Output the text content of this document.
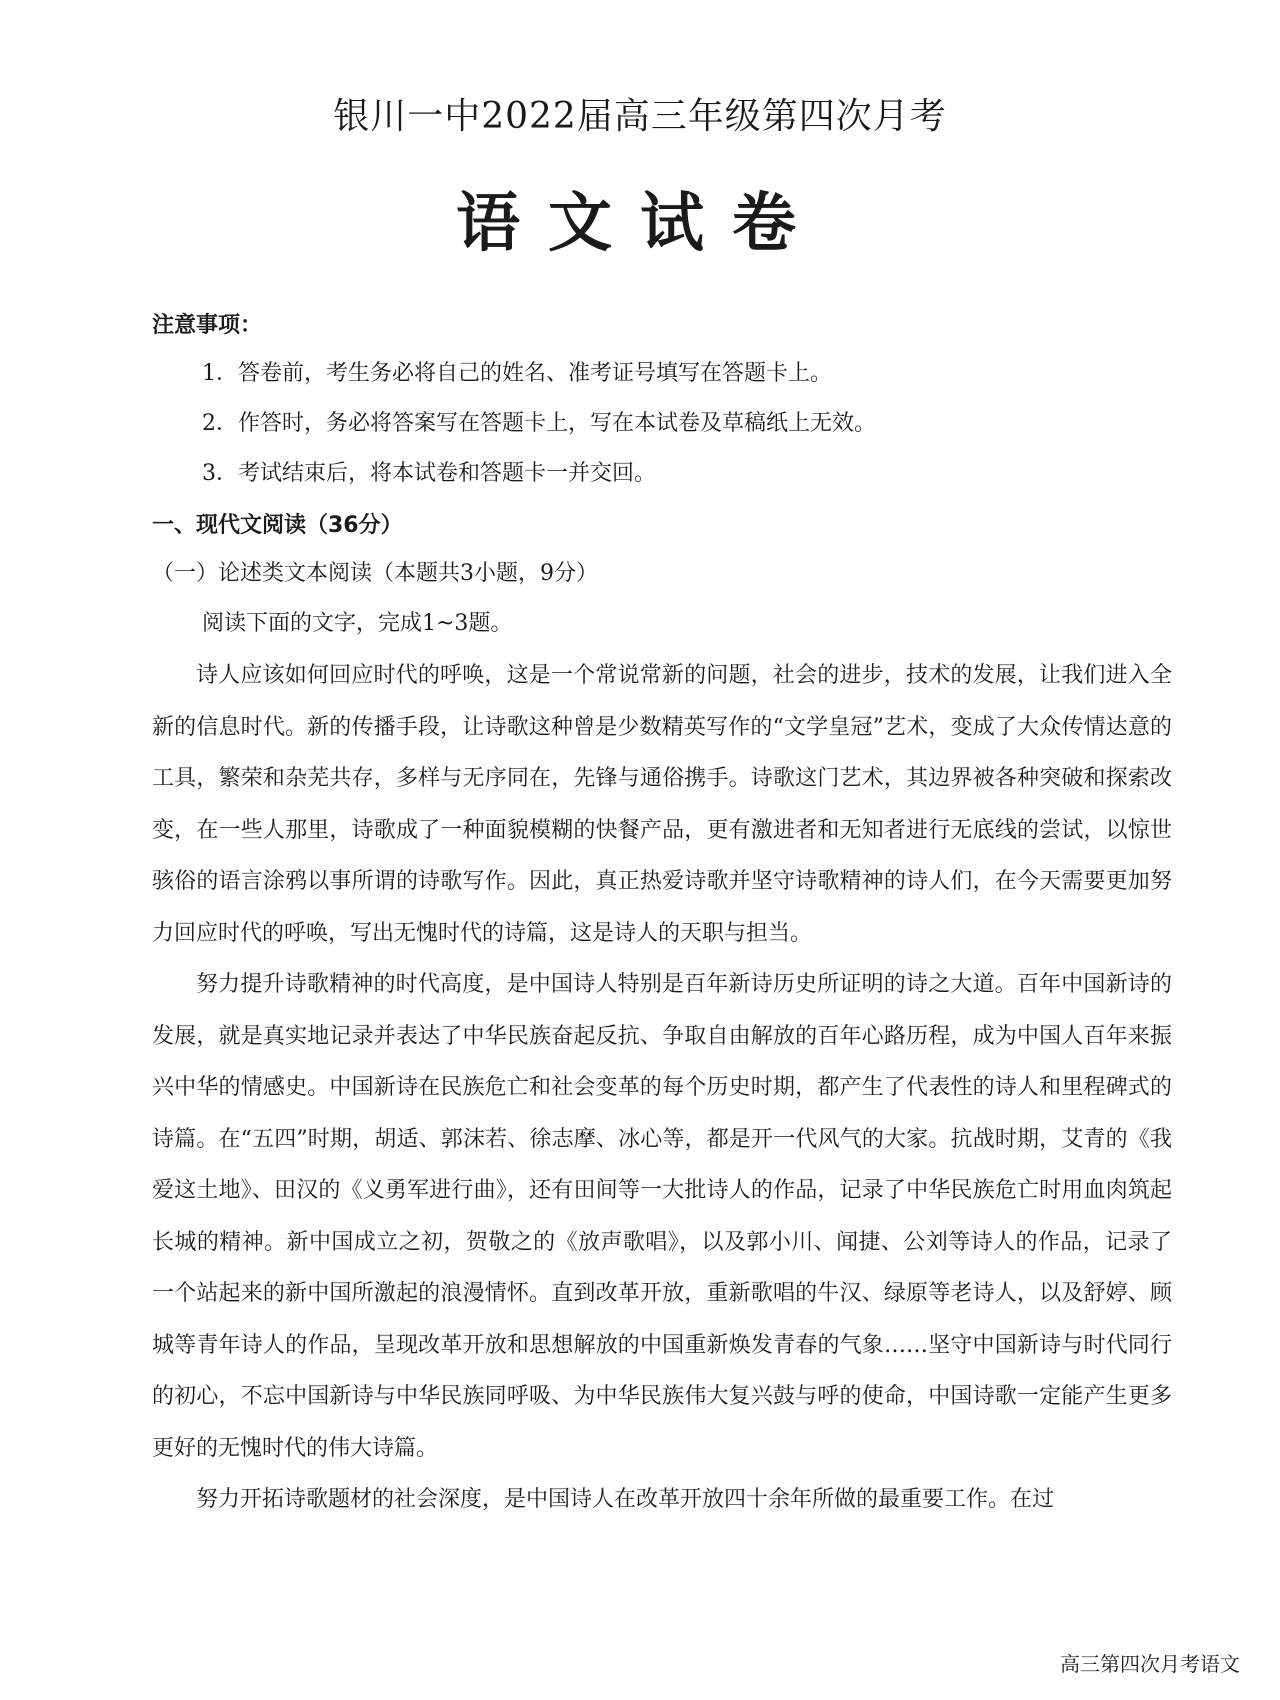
银川一中2022届高三年级第四次月考
语文试卷
注意事项：
1．答卷前，考生务必将自己的姓名、准考证号填写在答题卡上。
2．作答时，务必将答案写在答题卡上，写在本试卷及草稿纸上无效。
3．考试结束后，将本试卷和答题卡一并交回。
一、现代文阅读（36分）
（一）论述类文本阅读（本题共3小题，9分）
阅读下面的文字，完成1~3题。

诗人应该如何回应时代的呼唤，这是一个常说常新的问题，社会的进步，技术的发展，让我们进入全新的信息时代。新的传播手段，让诗歌这种曾是少数精英写作的“文学皇冠”艺术，变成了大众传情达意的工具，繁荣和杂芜共存，多样与无序同在，先锋与通俗携手。诗歌这门艺术，其边界被各种突破和探索改变，在一些人那里，诗歌成了一种面貌模糊的快餐产品，更有激进者和无知者进行无底线的尝试，以惊世骇俗的语言涂鸦以事所谓的诗歌写作。因此，真正热爱诗歌并坚守诗歌精神的诗人们，在今天需要更加努力回应时代的呼唤，写出无愧时代的诗篇，这是诗人的天职与担当。

努力提升诗歌精神的时代高度，是中国诗人特别是百年新诗历史所证明的诗之大道。百年中国新诗的发展，就是真实地记录并表达了中华民族奋起反抗、争取自由解放的百年心路历程，成为中国人百年来振兴中华的情感史。中国新诗在民族危亡和社会变革的每个历史时期，都产生了代表性的诗人和里程碑式的诗篇。在“五四”时期，胡适、郭沫若、徐志摩、冰心等，都是开一代风气的大家。抗战时期，艾青的《我爱这土地》、田汉的《义勇军进行曲》，还有田间等一大批诗人的作品，记录了中华民族危亡时用血肉筑起长城的精神。新中国成立之初，贺敬之的《放声歌唱》，以及郭小川、闻捷、公刘等诗人的作品，记录了一个站起来的新中国所激起的浪漫情怀。直到改革开放，重新歌唱的牛汉、绿原等老诗人，以及舒婷、顾城等青年诗人的作品，呈现改革开放和思想解放的中国重新焕发青春的气象……坚守中国新诗与时代同行的初心，不忘中国新诗与中华民族同呼吸、为中华民族伟大复兴鼓与呼的使命，中国诗歌一定能产生更多更好的无愧时代的伟大诗篇。

努力开拓诗歌题材的社会深度，是中国诗人在改革开放四十余年所做的最重要工作。在过

高三第四次月考语文
